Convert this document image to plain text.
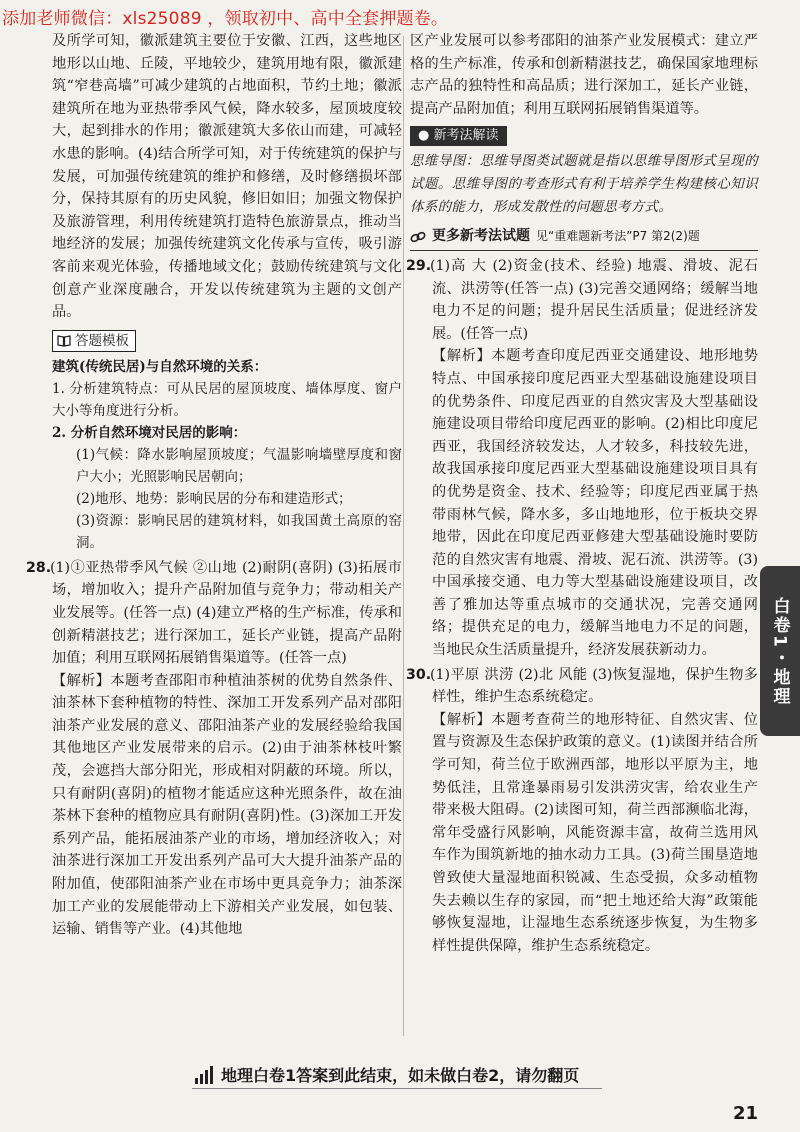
添加老师微信：xls25089 ，领取初中、高中全套押题卷。

及所学可知，徽派建筑主要位于安徽、江西，这些地区地形以山地、丘陵，平地较少，建筑用地有限，徽派建筑“窄巷高墙”可减少建筑的占地面积，节约土地；徽派建筑所在地为亚热带季风气候，降水较多，屋顶坡度较大，起到排水的作用；徽派建筑大多依山而建，可减轻水患的影响。(4)结合所学可知，对于传统建筑的保护与发展，可加强传统建筑的维护和修缮，及时修缮损坏部分，保持其原有的历史风貌，修旧如旧；加强文物保护及旅游管理，利用传统建筑打造特色旅游景点，推动当地经济的发展；加强传统建筑文化传承与宣传，吸引游客前来观光体验，传播地域文化；鼓励传统建筑与文化创意产业深度融合，开发以传统建筑为主题的文创产品。

答题模板

建筑(传统民居)与自然环境的关系：

1. 分析建筑特点：可从民居的屋顶坡度、墙体厚度、窗户大小等角度进行分析。

2. 分析自然环境对民居的影响：

(1)气候：降水影响屋顶坡度；气温影响墙壁厚度和窗户大小；光照影响民居朝向；

(2)地形、地势：影响民居的分布和建造形式；

(3)资源：影响民居的建筑材料，如我国黄土高原的窑洞。

28.(1)①亚热带季风气候 ②山地 (2)耐阴(喜阴) (3)拓展市场，增加收入；提升产品附加值与竞争力；带动相关产业发展等。(任答一点) (4)建立严格的生产标准，传承和创新精湛技艺；进行深加工，延长产业链，提高产品附加值；利用互联网拓展销售渠道等。(任答一点)

【解析】本题考查邵阳市种植油茶树的优势自然条件、油茶林下套种植物的特性、深加工开发系列产品对邵阳油茶产业发展的意义、邵阳油茶产业的发展经验给我国其他地区产业发展带来的启示。(2)由于油茶林枝叶繁茂，会遮挡大部分阳光，形成相对阴蔽的环境。所以，只有耐阴(喜阴)的植物才能适应这种光照条件，故在油茶林下套种的植物应具有耐阴(喜阴)性。(3)深加工开发系列产品，能拓展油茶产业的市场，增加经济收入；对油茶进行深加工开发出系列产品可大大提升油茶产品的附加值，使邵阳油茶产业在市场中更具竞争力；油茶深加工产业的发展能带动上下游相关产业发展，如包装、运输、销售等产业。(4)其他地

区产业发展可以参考邵阳的油茶产业发展模式：建立严格的生产标准，传承和创新精湛技艺，确保国家地理标志产品的独特性和高品质；进行深加工，延长产业链，提高产品附加值；利用互联网拓展销售渠道等。

● 新考法解读

思维导图：思维导图类试题就是指以思维导图形式呈现的试题。思维导图的考查形式有利于培养学生构建核心知识体系的能力，形成发散性的问题思考方式。

更多新考法试题 见“重难题新考法”P7 第2(2)题

29.(1)高 大 (2)资金(技术、经验) 地震、滑坡、泥石流、洪涝等(任答一点) (3)完善交通网络；缓解当地电力不足的问题；提升居民生活质量；促进经济发展。(任答一点)

【解析】本题考查印度尼西亚交通建设、地形地势特点、中国承接印度尼西亚大型基础设施建设项目的优势条件、印度尼西亚的自然灾害及大型基础设施建设项目带给印度尼西亚的影响。(2)相比印度尼西亚，我国经济较发达，人才较多，科技较先进，故我国承接印度尼西亚大型基础设施建设项目具有的优势是资金、技术、经验等；印度尼西亚属于热带雨林气候，降水多，多山地地形，位于板块交界地带，因此在印度尼西亚修建大型基础设施时要防范的自然灾害有地震、滑坡、泥石流、洪涝等。(3)中国承接交通、电力等大型基础设施建设项目，改善了雅加达等重点城市的交通状况，完善交通网络；提供充足的电力，缓解当地电力不足的问题，当地民众生活质量提升，经济发展获新动力。

30.(1)平原 洪涝 (2)北 风能 (3)恢复湿地，保护生物多样性，维护生态系统稳定。

【解析】本题考查荷兰的地形特征、自然灾害、位置与资源及生态保护政策的意义。(1)读图并结合所学可知，荷兰位于欧洲西部，地形以平原为主，地势低洼，且常逢暴雨易引发洪涝灾害，给农业生产带来极大阻碍。(2)读图可知，荷兰西部濒临北海，常年受盛行风影响，风能资源丰富，故荷兰选用风车作为围筑新地的抽水动力工具。(3)荷兰围垦造地曾致使大量湿地面积锐减、生态受损，众多动植物失去赖以生存的家园，而“把土地还给大海”政策能够恢复湿地，让湿地生态系统逐步恢复，为生物多样性提供保障，维护生态系统稳定。

白卷1・地理
地理白卷1答案到此结束，如未做白卷2，请勿翻页
21
